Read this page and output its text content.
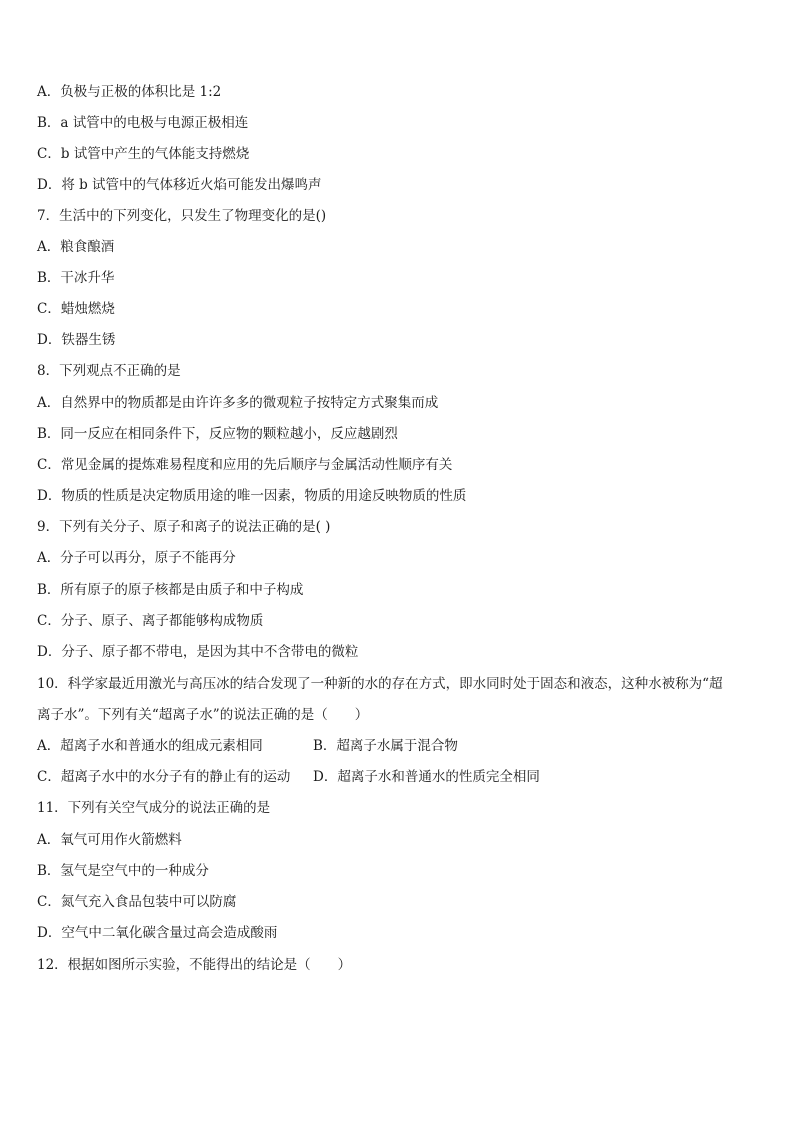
A．负极与正极的体积比是 1:2
B．a 试管中的电极与电源正极相连
C．b 试管中产生的气体能支持燃烧
D．将 b 试管中的气体移近火焰可能发出爆鸣声
7．生活中的下列变化，只发生了物理变化的是()
A．粮食酿酒
B．干冰升华
C．蜡烛燃烧
D．铁器生锈
8．下列观点不正确的是
A．自然界中的物质都是由许许多多的微观粒子按特定方式聚集而成
B．同一反应在相同条件下，反应物的颗粒越小，反应越剧烈
C．常见金属的提炼难易程度和应用的先后顺序与金属活动性顺序有关
D．物质的性质是决定物质用途的唯一因素，物质的用途反映物质的性质
9．下列有关分子、原子和离子的说法正确的是( )
A．分子可以再分，原子不能再分
B．所有原子的原子核都是由质子和中子构成
C．分子、原子、离子都能够构成物质
D．分子、原子都不带电，是因为其中不含带电的微粒
10．科学家最近用激光与高压冰的结合发现了一种新的水的存在方式，即水同时处于固态和液态，这种水被称为“超
离子水”。下列有关“超离子水”的说法正确的是（　　）
A．超离子水和普通水的组成元素相同	B．超离子水属于混合物
C．超离子水中的水分子有的静止有的运动 D．超离子水和普通水的性质完全相同
11．下列有关空气成分的说法正确的是
A．氧气可用作火箭燃料
B．氢气是空气中的一种成分
C．氮气充入食品包装中可以防腐
D．空气中二氧化碳含量过高会造成酸雨
12．根据如图所示实验，不能得出的结论是（　　）
